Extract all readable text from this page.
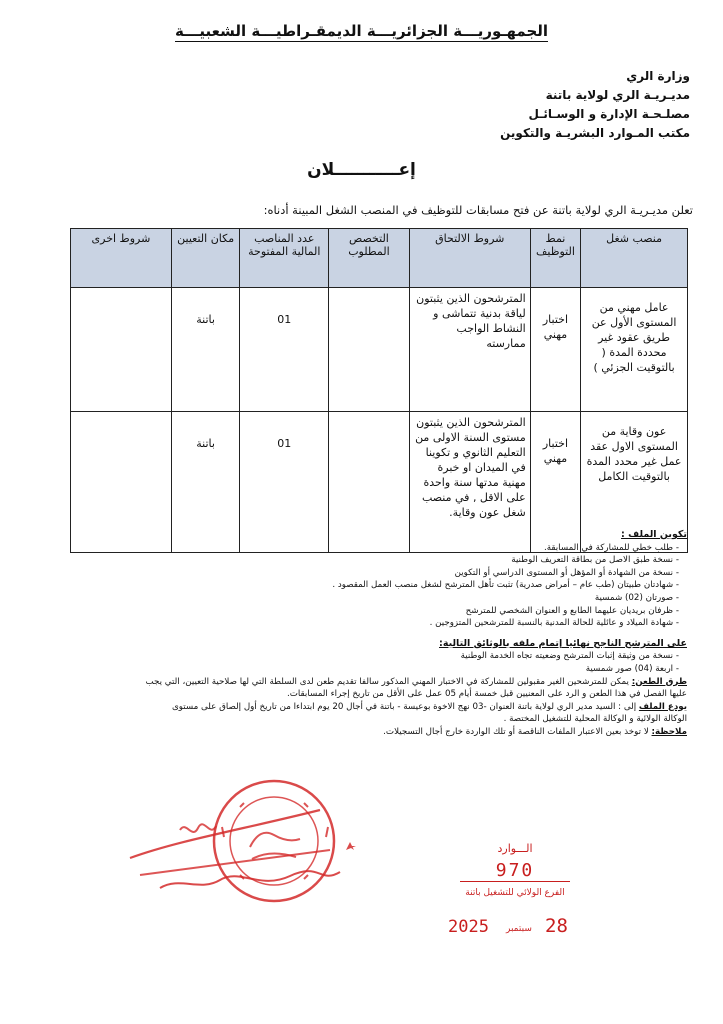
الجمهـوريـــة الجزائريـــة الديمقـراطيـــة الشعبيـــة
وزارة الري
مديـريـة الري لولاية باتنة
مصلـحـة الإدارة و الوسـائـل
مكتب المـوارد البشريـة والتكوين
إعـــــــــــلان
تعلن مديـريـة الري لولاية باتنة عن فتح مسابقات للتوظيف في المنصب الشغل المبينة أدناه:
منصب شغل	نمط التوظيف	شروط الالتحاق	التخصص المطلوب	عدد المناصب المالية المفتوحة	مكان التعيين	شروط اخرى
عامل مهني من المستوى الأول عن طريق عقود غير محددة المدة ( بالتوقيت الجزئي )	اختبار مهني	المترشحون الذين يثبتون لياقة بدنية تتماشى و النشاط الواجب ممارسته		01	باتنة	
عون وقاية من المستوى الاول عقد عمل غير محدد المدة بالتوقيت الكامل	اختبار مهني	المترشحون الذين يثبتون مستوى السنة الاولى من التعليم الثانوي و تكوينا في الميدان او خبرة مهنية مدتها سنة واحدة على الاقل , في منصب شغل عون وقاية.		01	باتنة	
تكوين الملف :
- طلب خطي للمشاركة في المسابقة.
- نسخة طبق الاصل من بطاقة التعريف الوطنية
- نسخة من الشهادة أو المؤهل أو المستوى الدراسي أو التكوين
- شهادتان طبيتان (طب عام – أمراض صدرية) تثبت تأهل المترشح لشغل منصب العمل المقصود .
- صورتان (02) شمسية
- ظرفان بريديان عليهما الطابع و العنوان الشخصي للمترشح
- شهادة الميلاد و عائلية للحالة المدنية بالنسبة للمترشحين المتزوجين .
على المترشح الناجح نهائيا إتمام ملفه بالوثائق التالية:
- نسخة من وثيقة إثبات المترشح وضعيته تجاه الخدمة الوطنية
- اربعة (04) صور شمسية
طرق الطعن: يمكن للمترشحين الغير مقبولين للمشاركة في الاختبار المهني المذكور سالفا تقديم طعن لدى السلطة التي لها صلاحية التعيين، التي يجب
عليها الفصل في هذا الطعن و الرد على المعنيين قبل خمسة أيام 05 عمل على الأقل من تاريخ إجراء المسابقات.
يودع الملف إلى : السيد مدير الري لولاية باتنة العنوان -03 نهج الاخوة بوعيسة - باتنة في أجال 20 يوم ابتداءا من تاريخ أول إلصاق على مستوى
الوكالة الولائية و الوكالة المحلية للتشغيل المختصة .
ملاحظة: لا توخذ بعين الاعتبار الملفات الناقصة أو تلك الواردة خارج أجال التسجيلات.
الـــوارد
970
الفرع الولائي للتشغيل باتنة
28
سبتمبر
2025
